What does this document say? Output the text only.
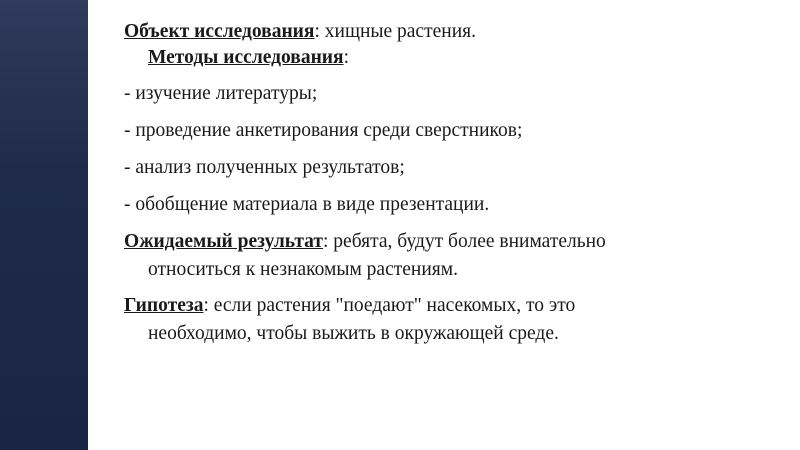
Объект исследования: хищные растения.
Методы исследования:
- изучение литературы;
- проведение анкетирования среди сверстников;
- анализ полученных результатов;
- обобщение материала в виде презентации.
Ожидаемый результат: ребята, будут более внимательно
относиться к незнакомым растениям.
Гипотеза: если растения "поедают" насекомых, то это
необходимо, чтобы выжить в окружающей среде.
